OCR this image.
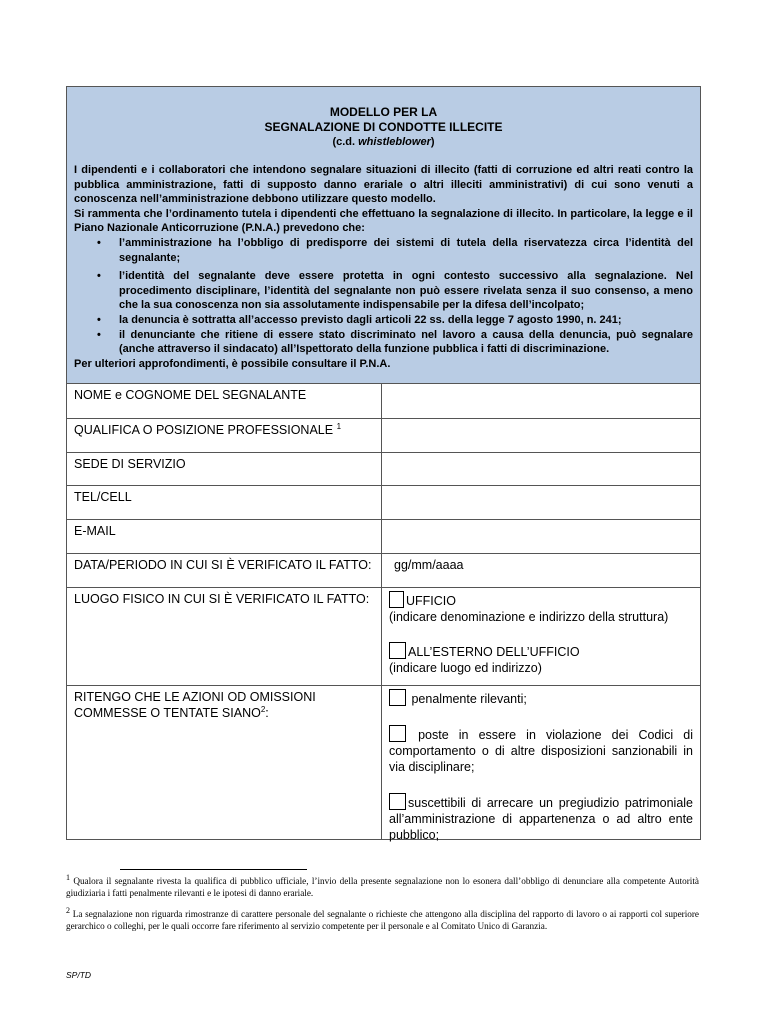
MODELLO PER LA
SEGNALAZIONE DI CONDOTTE ILLECITE
(c.d. whistleblower)

I dipendenti e i collaboratori che intendono segnalare situazioni di illecito (fatti di corruzione ed altri reati contro la pubblica amministrazione, fatti di supposto danno erariale o altri illeciti amministrativi) di cui sono venuti a conoscenza nell’amministrazione debbono utilizzare questo modello.

Si rammenta che l’ordinamento tutela i dipendenti che effettuano la segnalazione di illecito. In particolare, la legge e il Piano Nazionale Anticorruzione (P.N.A.) prevedono che:

• l’amministrazione ha l’obbligo di predisporre dei sistemi di tutela della riservatezza circa l’identità del segnalante;
• l’identità del segnalante deve essere protetta in ogni contesto successivo alla segnalazione. Nel procedimento disciplinare, l’identità del segnalante non può essere rivelata senza il suo consenso, a meno che la sua conoscenza non sia assolutamente indispensabile per la difesa dell’incolpato;
• la denuncia è sottratta all’accesso previsto dagli articoli 22 ss. della legge 7 agosto 1990, n. 241;
• il denunciante che ritiene di essere stato discriminato nel lavoro a causa della denuncia, può segnalare (anche attraverso il sindacato) all’Ispettorato della funzione pubblica i fatti di discriminazione.

Per ulteriori approfondimenti, è possibile consultare il P.N.A.

NOME e COGNOME DEL SEGNALANTE
QUALIFICA O POSIZIONE PROFESSIONALE $^1$
SEDE DI SERVIZIO
TEL/CELL
E-MAIL
DATA/PERIODO IN CUI SI È VERIFICATO IL FATTO:	gg/mm/aaaa
LUOGO FISICO IN CUI SI È VERIFICATO IL FATTO:	UFFICIO
(indicare denominazione e indirizzo della struttura)
ALL’ESTERNO DELL’UFFICIO
(indicare luogo ed indirizzo)
RITENGO CHE LE AZIONI OD OMISSIONI COMMESSE O TENTATE SIANO$^2$:
penalmente rilevanti;
poste in essere in violazione dei Codici di comportamento o di altre disposizioni sanzionabili in via disciplinare;
suscettibili di arrecare un pregiudizio patrimoniale all’amministrazione di appartenenza o ad altro ente pubblico;
$^1$ Qualora il segnalante rivesta la qualifica di pubblico ufficiale, l’invio della presente segnalazione non lo esonera dall’obbligo di denunciare alla competente Autorità giudiziaria i fatti penalmente rilevanti e le ipotesi di danno erariale.
$^2$ La segnalazione non riguarda rimostranze di carattere personale del segnalante o richieste che attengono alla disciplina del rapporto di lavoro o ai rapporti col superiore gerarchico o colleghi, per le quali occorre fare riferimento al servizio competente per il personale e al Comitato Unico di Garanzia.
SP/TD
